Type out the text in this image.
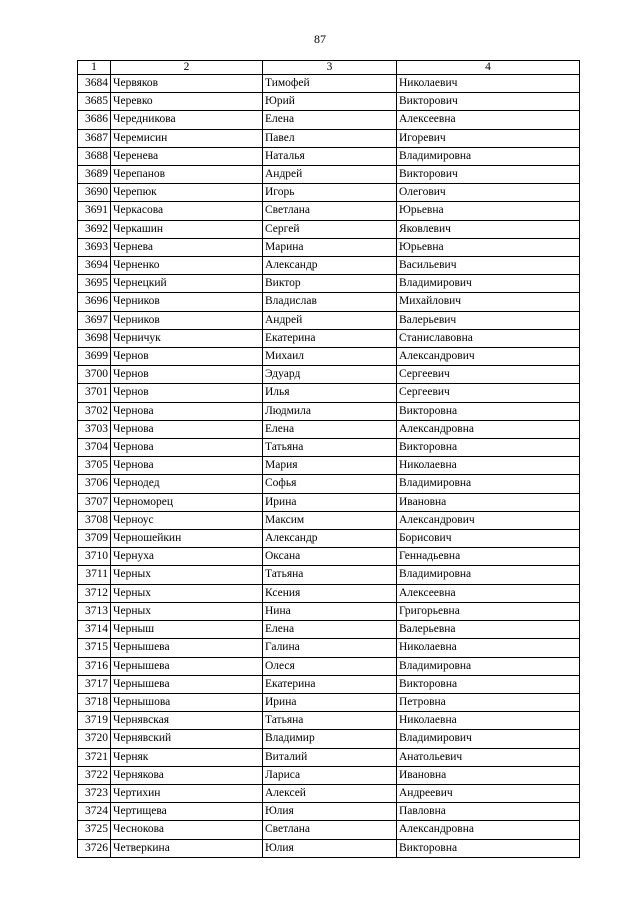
87
1	2	3	4
3684	Червяков	Тимофей	Николаевич
3685	Черевко	Юрий	Викторович
3686	Чередникова	Елена	Алексеевна
3687	Черемисин	Павел	Игоревич
3688	Черенева	Наталья	Владимировна
3689	Черепанов	Андрей	Викторович
3690	Черепюк	Игорь	Олегович
3691	Черкасова	Светлана	Юрьевна
3692	Черкашин	Сергей	Яковлевич
3693	Чернева	Марина	Юрьевна
3694	Черненко	Александр	Васильевич
3695	Чернецкий	Виктор	Владимирович
3696	Черников	Владислав	Михайлович
3697	Черников	Андрей	Валерьевич
3698	Черничук	Екатерина	Станиславовна
3699	Чернов	Михаил	Александрович
3700	Чернов	Эдуард	Сергеевич
3701	Чернов	Илья	Сергеевич
3702	Чернова	Людмила	Викторовна
3703	Чернова	Елена	Александровна
3704	Чернова	Татьяна	Викторовна
3705	Чернова	Мария	Николаевна
3706	Чернодед	Софья	Владимировна
3707	Черноморец	Ирина	Ивановна
3708	Черноус	Максим	Александрович
3709	Черношейкин	Александр	Борисович
3710	Чернуха	Оксана	Геннадьевна
3711	Черных	Татьяна	Владимировна
3712	Черных	Ксения	Алексеевна
3713	Черных	Нина	Григорьевна
3714	Черныш	Елена	Валерьевна
3715	Чернышева	Галина	Николаевна
3716	Чернышева	Олеся	Владимировна
3717	Чернышева	Екатерина	Викторовна
3718	Чернышова	Ирина	Петровна
3719	Чернявская	Татьяна	Николаевна
3720	Чернявский	Владимир	Владимирович
3721	Черняк	Виталий	Анатольевич
3722	Чернякова	Лариса	Ивановна
3723	Чертихин	Алексей	Андреевич
3724	Чертищева	Юлия	Павловна
3725	Чеснокова	Светлана	Александровна
3726	Четверкина	Юлия	Викторовна
